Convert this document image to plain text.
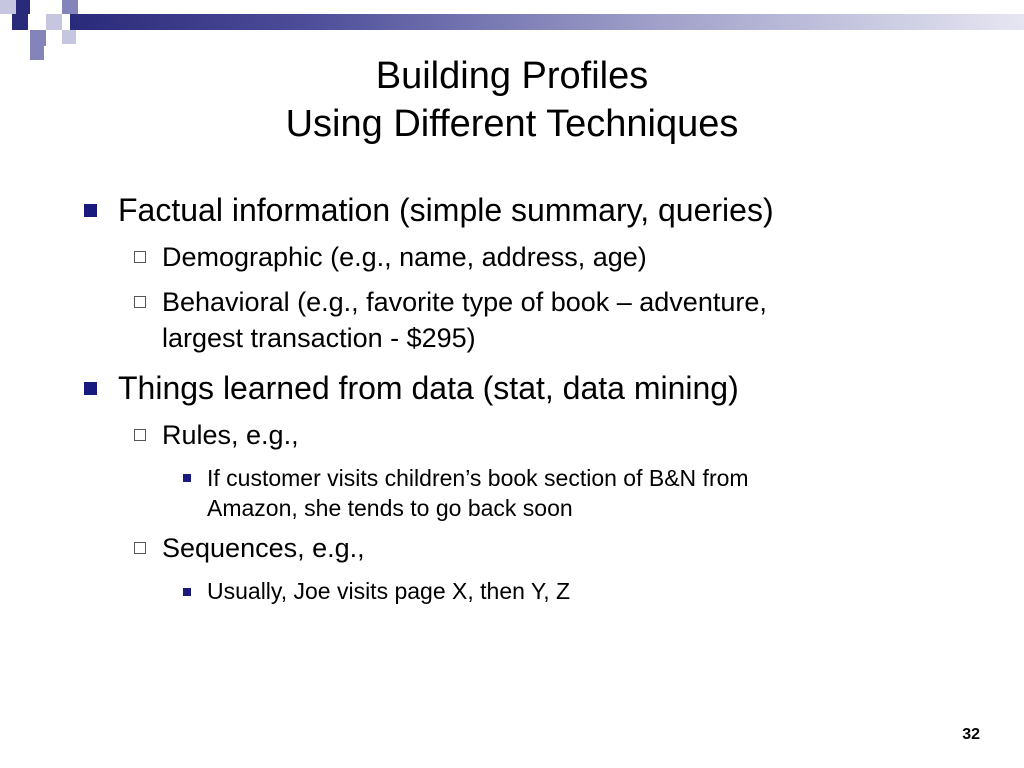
Building Profiles
Using Different Techniques
Factual information (simple summary, queries)
Demographic (e.g., name, address, age)
Behavioral (e.g., favorite type of book – adventure,
largest transaction - $295)
Things learned from data (stat, data mining)
Rules, e.g.,
If customer visits children’s book section of B&N from
Amazon, she tends to go back soon
Sequences, e.g.,
Usually, Joe visits page X, then Y, Z
32
